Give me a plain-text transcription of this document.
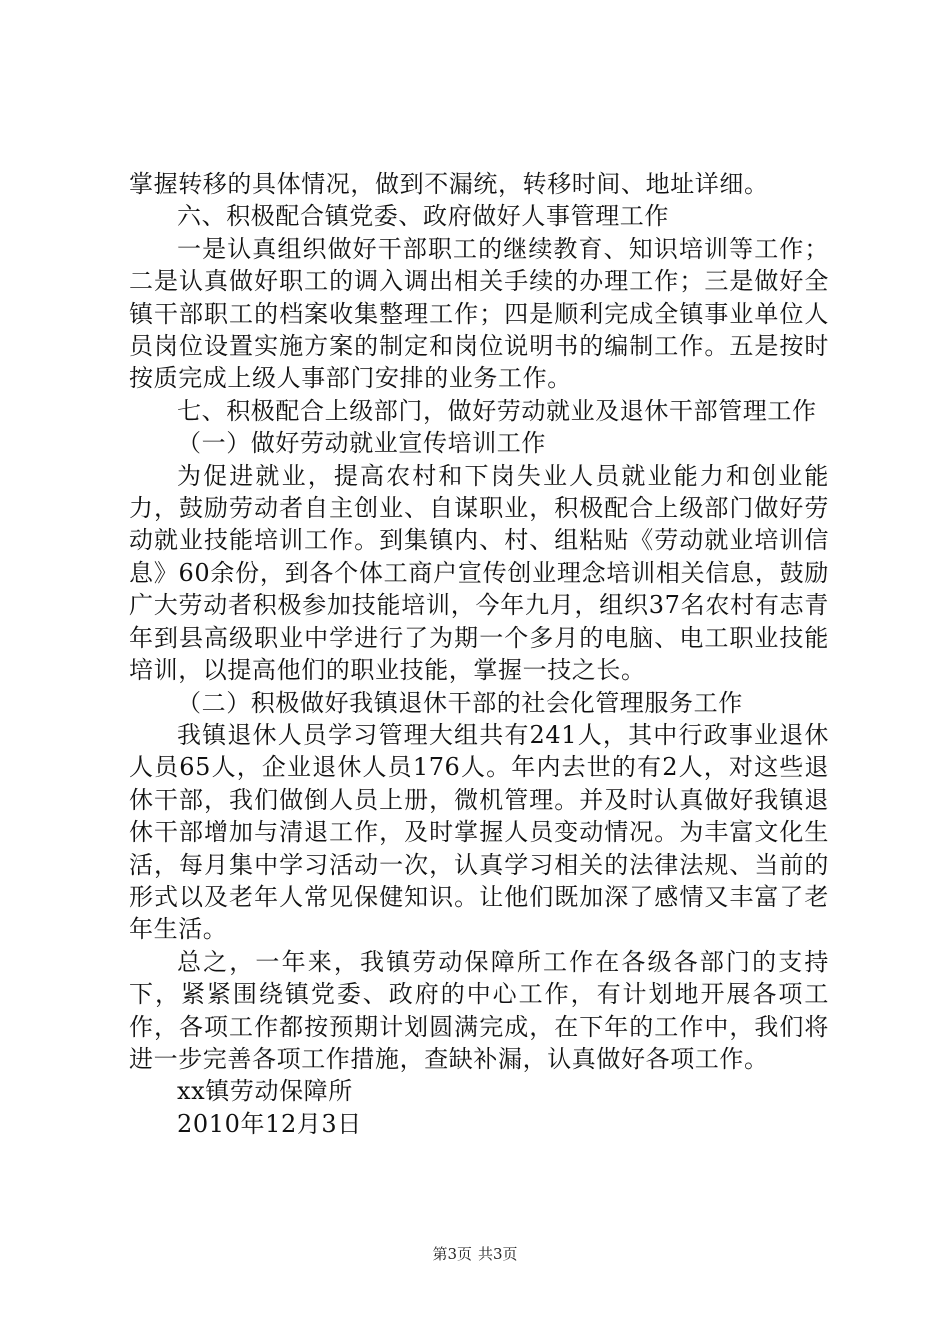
掌握转移的具体情况，做到不漏统，转移时间、地址详细。

六、积极配合镇党委、政府做好人事管理工作

一是认真组织做好干部职工的继续教育、知识培训等工作；二是认真做好职工的调入调出相关手续的办理工作；三是做好全镇干部职工的档案收集整理工作；四是顺利完成全镇事业单位人员岗位设置实施方案的制定和岗位说明书的编制工作。五是按时按质完成上级人事部门安排的业务工作。

七、积极配合上级部门，做好劳动就业及退休干部管理工作

（一）做好劳动就业宣传培训工作

为促进就业，提高农村和下岗失业人员就业能力和创业能力，鼓励劳动者自主创业、自谋职业，积极配合上级部门做好劳动就业技能培训工作。到集镇内、村、组粘贴《劳动就业培训信息》60余份，到各个体工商户宣传创业理念培训相关信息，鼓励广大劳动者积极参加技能培训，今年九月，组织37名农村有志青年到县高级职业中学进行了为期一个多月的电脑、电工职业技能培训，以提高他们的职业技能，掌握一技之长。

（二）积极做好我镇退休干部的社会化管理服务工作

我镇退休人员学习管理大组共有241人，其中行政事业退休人员65人，企业退休人员176人。年内去世的有2人，对这些退休干部，我们做倒人员上册，微机管理。并及时认真做好我镇退休干部增加与清退工作，及时掌握人员变动情况。为丰富文化生活，每月集中学习活动一次，认真学习相关的法律法规、当前的形式以及老年人常见保健知识。让他们既加深了感情又丰富了老年生活。

总之，一年来，我镇劳动保障所工作在各级各部门的支持下，紧紧围绕镇党委、政府的中心工作，有计划地开展各项工作，各项工作都按预期计划圆满完成，在下年的工作中，我们将进一步完善各项工作措施，查缺补漏，认真做好各项工作。

xx镇劳动保障所

2010年12月3日

第3页 共3页
